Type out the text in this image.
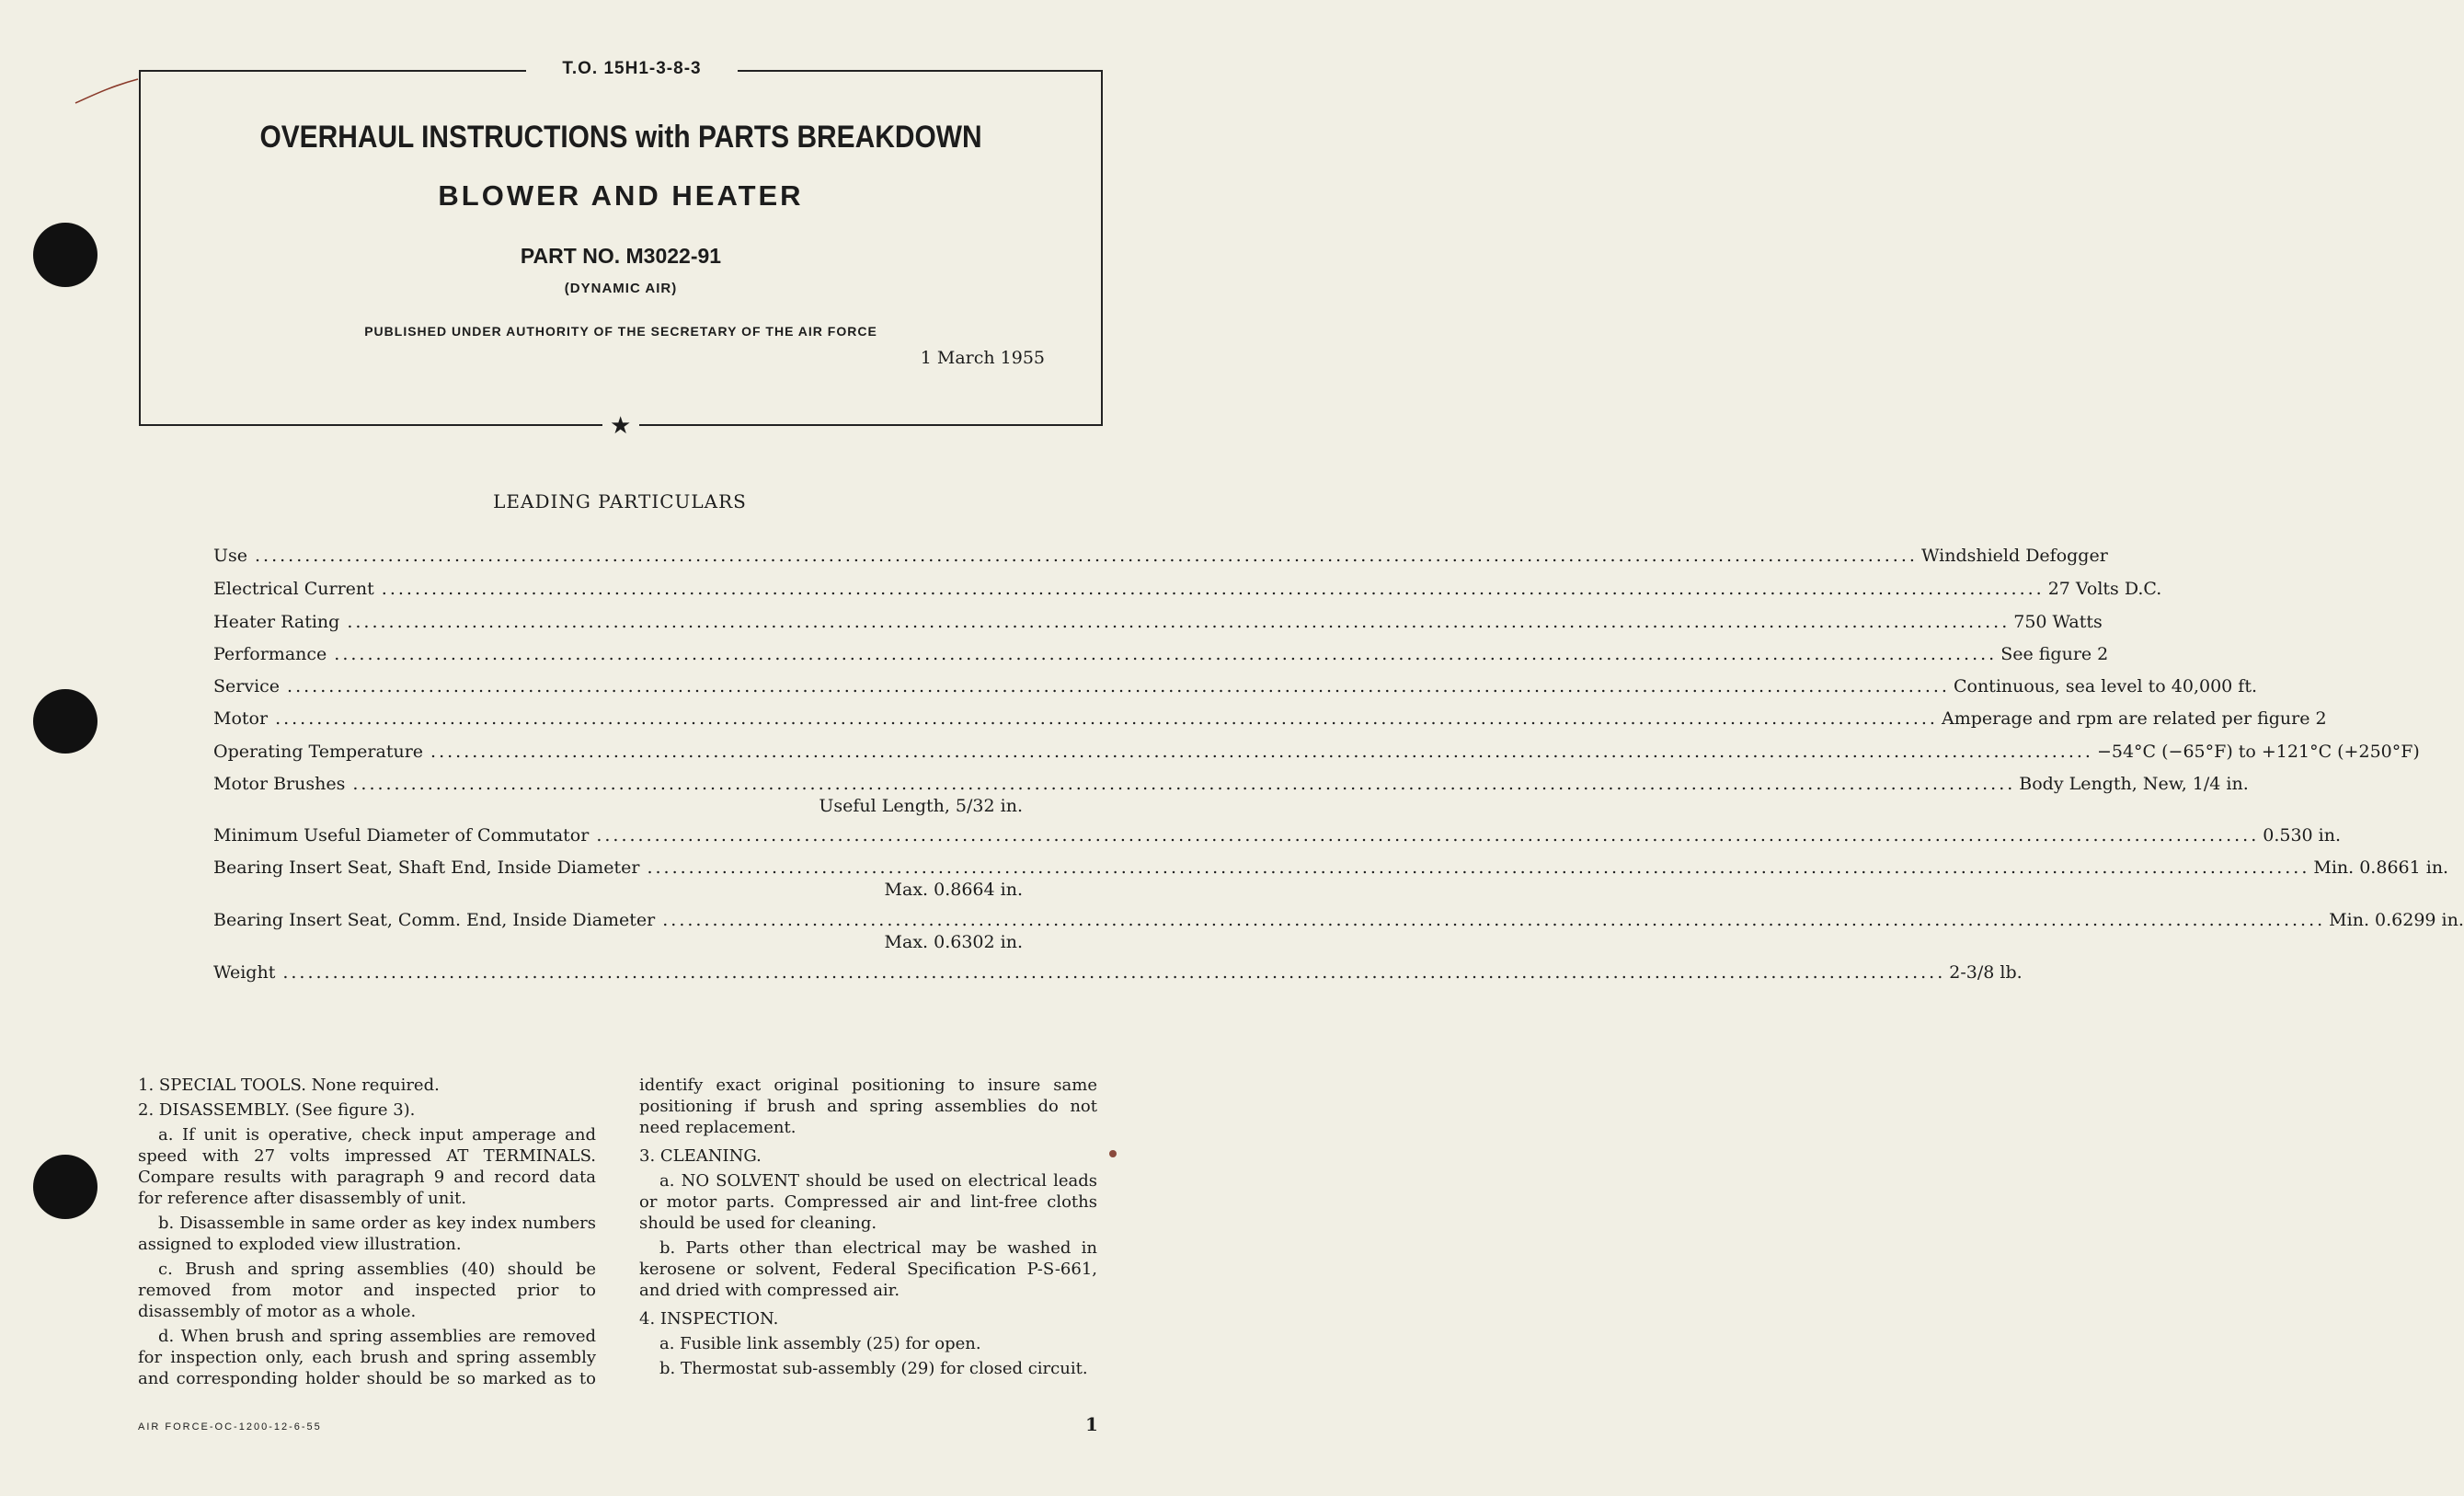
T.O. 15H1-3-8-3
OVERHAUL INSTRUCTIONS with PARTS BREAKDOWN
BLOWER AND HEATER
PART NO. M3022-91
(DYNAMIC AIR)
PUBLISHED UNDER AUTHORITY OF THE SECRETARY OF THE AIR FORCE
1 March 1955
★
LEADING PARTICULARS
Use ........................................................................................................................................................................................................ Windshield Defogger
Electrical Current ........................................................................................................................................................................................................ 27 Volts D.C.
Heater Rating ........................................................................................................................................................................................................ 750 Watts
Performance ........................................................................................................................................................................................................ See figure 2
Service ........................................................................................................................................................................................................ Continuous, sea level to 40,000 ft.
Motor ........................................................................................................................................................................................................ Amperage and rpm are related per figure 2
Operating Temperature ........................................................................................................................................................................................................ −54°C (−65°F) to +121°C (+250°F)
Motor Brushes ........................................................................................................................................................................................................ Body Length, New, 1/4 in.
Useful Length, 5/32 in.
Minimum Useful Diameter of Commutator ........................................................................................................................................................................................................ 0.530 in.
Bearing Insert Seat, Shaft End, Inside Diameter ........................................................................................................................................................................................................ Min. 0.8661 in.
Max. 0.8664 in.
Bearing Insert Seat, Comm. End, Inside Diameter ........................................................................................................................................................................................................ Min. 0.6299 in.
Max. 0.6302 in.
Weight ........................................................................................................................................................................................................ 2-3/8 lb.

1. SPECIAL TOOLS. None required.

2. DISASSEMBLY. (See figure 3).

a. If unit is operative, check input amperage and speed with 27 volts impressed AT TERMINALS. Compare results with paragraph 9 and record data for reference after disassembly of unit.

b. Disassemble in same order as key index numbers assigned to exploded view illustration.

c. Brush and spring assemblies (40) should be removed from motor and inspected prior to disassembly of motor as a whole.

d. When brush and spring assemblies are removed for inspection only, each brush and spring assembly and corresponding holder should be so marked as to

identify exact original positioning to insure same positioning if brush and spring assemblies do not need replacement.

3. CLEANING.

a. NO SOLVENT should be used on electrical leads or motor parts. Compressed air and lint-free cloths should be used for cleaning.

b. Parts other than electrical may be washed in kerosene or solvent, Federal Specification P-S-661, and dried with compressed air.

4. INSPECTION.

a. Fusible link assembly (25) for open.

b. Thermostat sub-assembly (29) for closed circuit.

AIR FORCE-OC-1200-12-6-55	1
